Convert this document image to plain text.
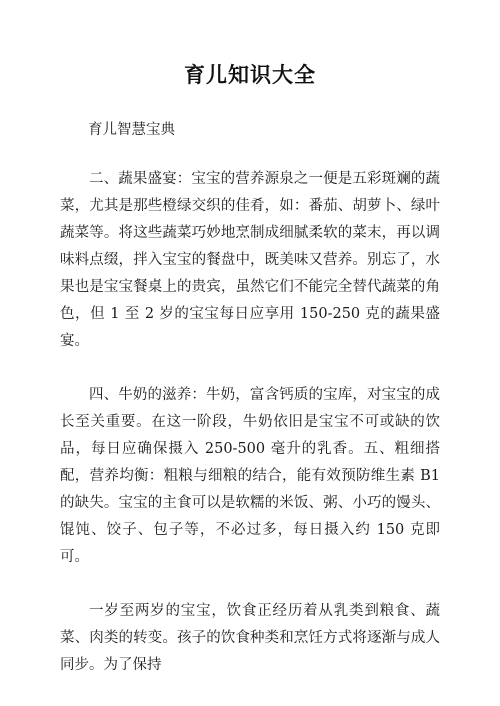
育儿知识大全

育儿智慧宝典

二、蔬果盛宴：宝宝的营养源泉之一便是五彩斑斓的蔬菜，尤其是那些橙绿交织的佳肴，如：番茄、胡萝卜、绿叶蔬菜等。将这些蔬菜巧妙地烹制成细腻柔软的菜末，再以调味料点缀，拌入宝宝的餐盘中，既美味又营养。别忘了，水果也是宝宝餐桌上的贵宾，虽然它们不能完全替代蔬菜的角色，但 1 至 2 岁的宝宝每日应享用 150-250 克的蔬果盛宴。

四、牛奶的滋养：牛奶，富含钙质的宝库，对宝宝的成长至关重要。在这一阶段，牛奶依旧是宝宝不可或缺的饮品，每日应确保摄入 250-500 毫升的乳香。五、粗细搭配，营养均衡：粗粮与细粮的结合，能有效预防维生素 B1 的缺失。宝宝的主食可以是软糯的米饭、粥、小巧的馒头、馄饨、饺子、包子等，不必过多，每日摄入约 150 克即可。

一岁至两岁的宝宝，饮食正经历着从乳类到粮食、蔬菜、肉类的转变。孩子的饮食种类和烹饪方式将逐渐与成人同步。为了保持
